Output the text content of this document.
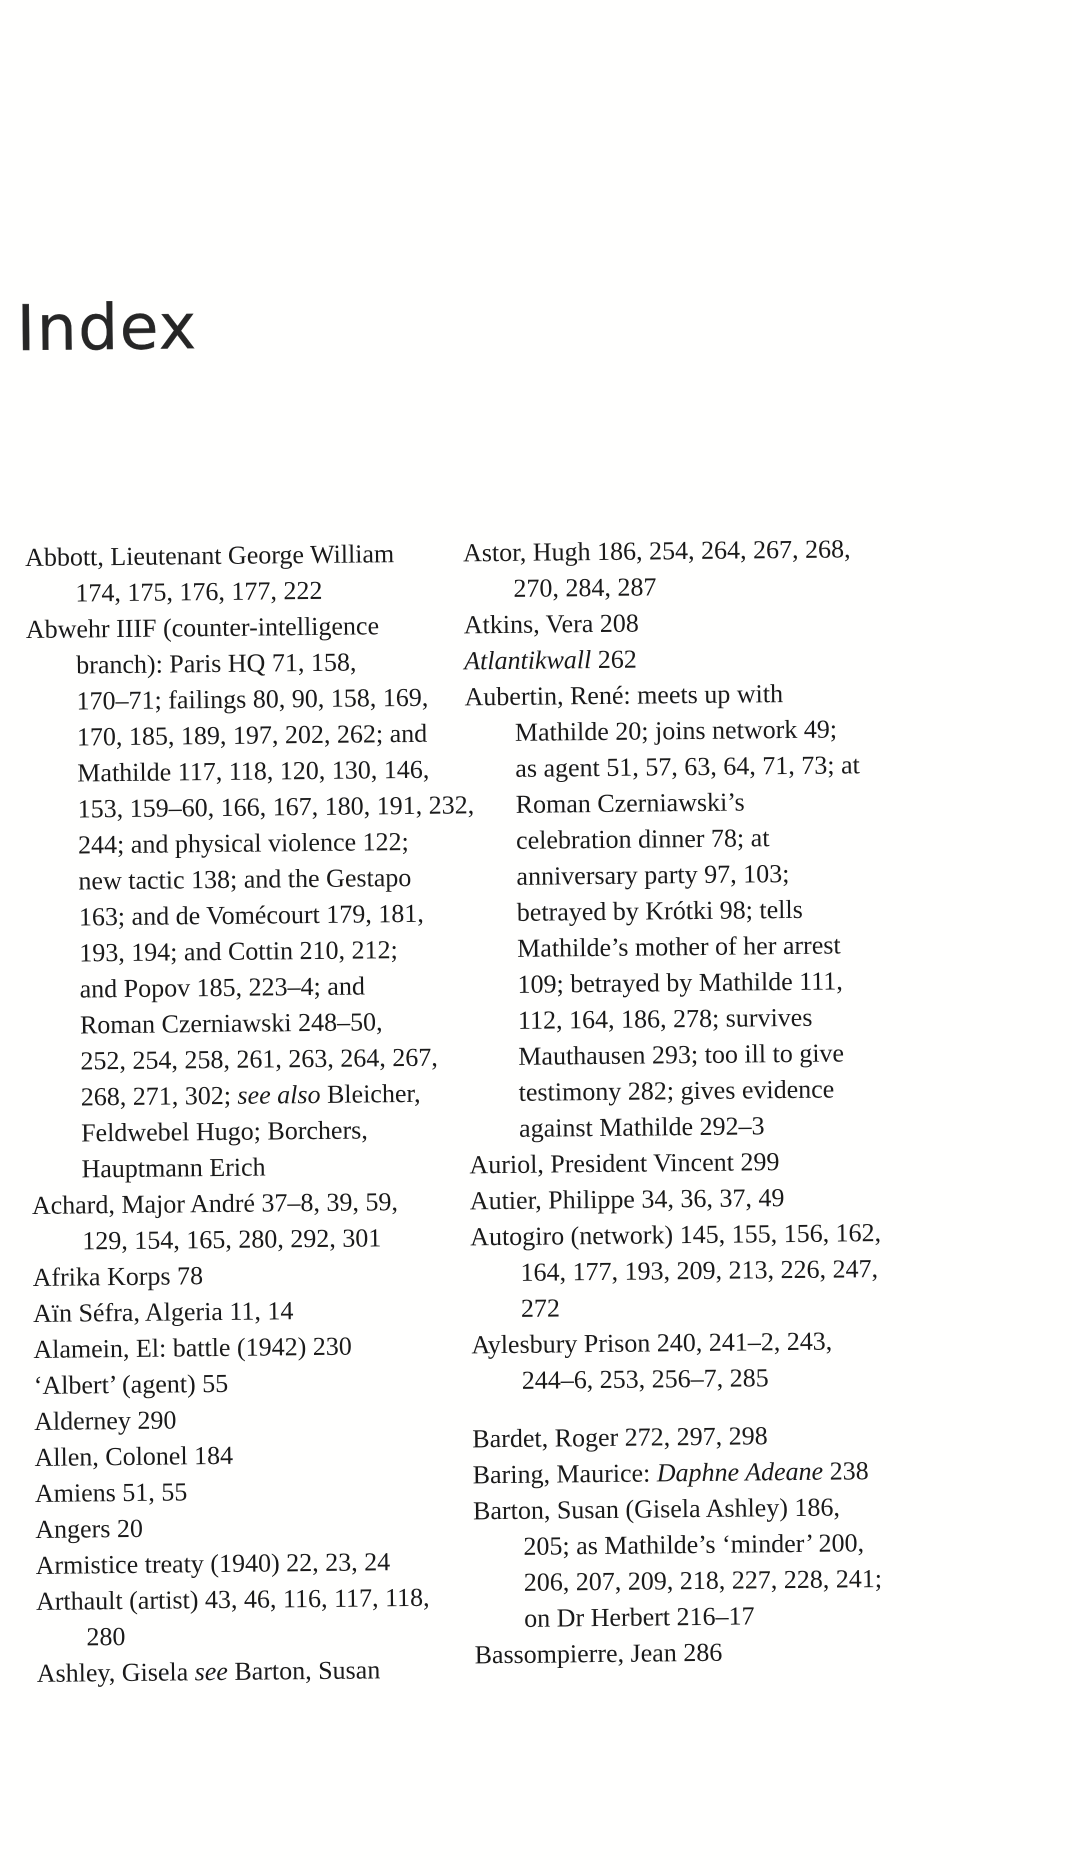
Index
Abbott, Lieutenant George William
174, 175, 176, 177, 222
Abwehr IIIF (counter-intelligence
branch): Paris HQ 71, 158,
170–71; failings 80, 90, 158, 169,
170, 185, 189, 197, 202, 262; and
Mathilde 117, 118, 120, 130, 146,
153, 159–60, 166, 167, 180, 191, 232,
244; and physical violence 122;
new tactic 138; and the Gestapo
163; and de Vomécourt 179, 181,
193, 194; and Cottin 210, 212;
and Popov 185, 223–4; and
Roman Czerniawski 248–50,
252, 254, 258, 261, 263, 264, 267,
268, 271, 302; see also Bleicher,
Feldwebel Hugo; Borchers,
Hauptmann Erich
Achard, Major André 37–8, 39, 59,
129, 154, 165, 280, 292, 301
Afrika Korps 78
Aïn Séfra, Algeria 11, 14
Alamein, El: battle (1942) 230
‘Albert’ (agent) 55
Alderney 290
Allen, Colonel 184
Amiens 51, 55
Angers 20
Armistice treaty (1940) 22, 23, 24
Arthault (artist) 43, 46, 116, 117, 118,
280
Ashley, Gisela see Barton, Susan
Astor, Hugh 186, 254, 264, 267, 268,
270, 284, 287
Atkins, Vera 208
Atlantikwall 262
Aubertin, René: meets up with
Mathilde 20; joins network 49;
as agent 51, 57, 63, 64, 71, 73; at
Roman Czerniawski’s
celebration dinner 78; at
anniversary party 97, 103;
betrayed by Krótki 98; tells
Mathilde’s mother of her arrest
109; betrayed by Mathilde 111,
112, 164, 186, 278; survives
Mauthausen 293; too ill to give
testimony 282; gives evidence
against Mathilde 292–3
Auriol, President Vincent 299
Autier, Philippe 34, 36, 37, 49
Autogiro (network) 145, 155, 156, 162,
164, 177, 193, 209, 213, 226, 247,
272
Aylesbury Prison 240, 241–2, 243,
244–6, 253, 256–7, 285
Bardet, Roger 272, 297, 298
Baring, Maurice: Daphne Adeane 238
Barton, Susan (Gisela Ashley) 186,
205; as Mathilde’s ‘minder’ 200,
206, 207, 209, 218, 227, 228, 241;
on Dr Herbert 216–17
Bassompierre, Jean 286
